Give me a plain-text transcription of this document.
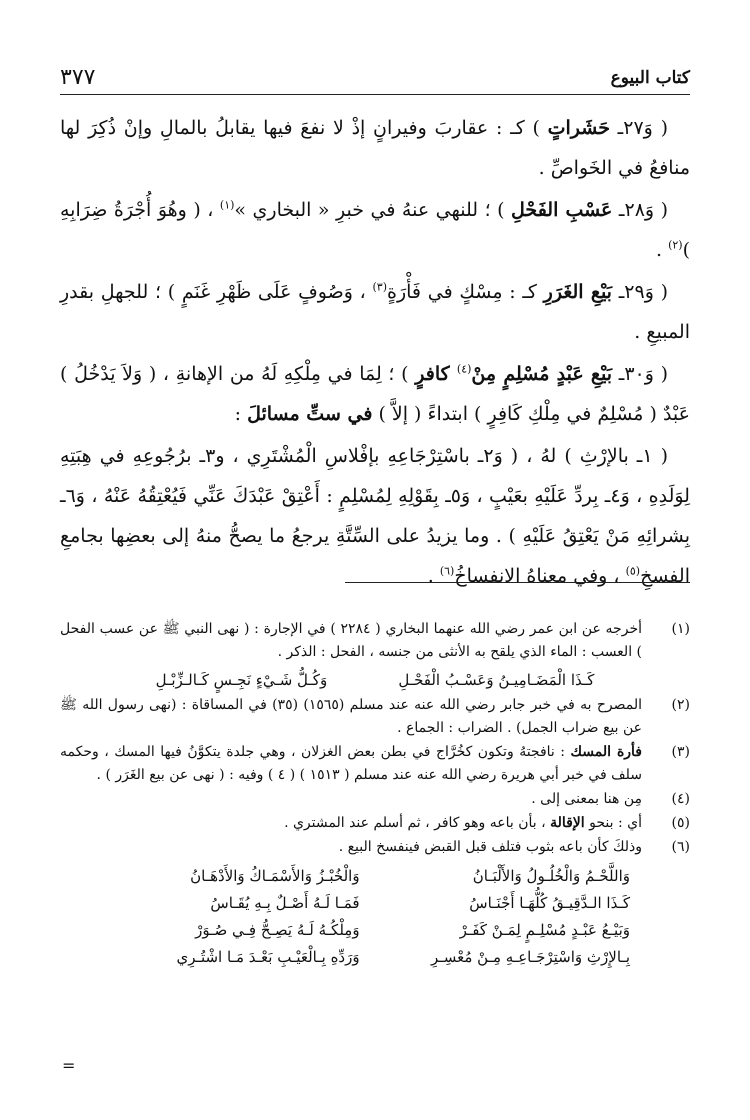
كتاب البيوع
٣٧٧

( وَ٢٧ـ حَشَراتٍ ) كـ : عقاربَ وفيرانٍ إذْ لا نفعَ فيها يقابلُ بالمالِ وإنْ ذُكِرَ لها منافعُ في الخَواصِّ .

( وَ٢٨ـ عَسْبِ الفَحْلِ ) ؛ للنهي عنهُ في خبرِ « البخاري »$^{(١)}$ ، ( وهُوَ أُجْرَةُ ضِرَابِهِ )$^{(٢)}$ .

( وَ٢٩ـ بَيْعِ الغَرَرِ كـ : مِسْكٍ في فَأْرَةٍ$^{(٣)}$ ، وَصُوفٍ عَلَى ظَهْرِ غَنَمٍ ) ؛ للجهلِ بقدرِ المبيعِ .

( وَ٣٠ـ بَيْعِ عَبْدٍ مُسْلِمٍ مِنْ$^{(٤)}$ كافرٍ ) ؛ لِمَا في مِلْكِهِ لَهُ من الإهانةِ ، ( وَلاَ يَدْخُلُ ) عَبْدٌ ( مُسْلِمٌ في مِلْكِ كَافِرٍ ) ابتداءً ( إلاَّ ) في ستِّ مسائلَ :

( ١ـ بالإرْثِ ) لهُ ، ( وَ٢ـ باسْتِرْجَاعِهِ بإفْلاسِ الْمُشْتَرِي ، و٣ـ برُجُوعِهِ في هِبَتِهِ لِوَلَدِهِ ، وَ٤ـ بِردِّ عَلَيْهِ بعَيْبٍ ، وَ٥ـ بِقَوْلِهِ لِمُسْلِمٍ : أَعْتِقْ عَبْدَكَ عَنِّي فَيُعْتِقُهُ عَنْهُ ، وَ٦ـ بِشرائِهِ مَنْ يَعْتِقُ عَلَيْهِ ) . وما يزيدُ على السِّتَّةِ يرجعُ ما يصحُّ منهُ إلى بعضِها بجامعِ الفسخِ$^{(٥)}$ ، وفي معناهُ الانفساخُ$^{(٦)}$ .

(١)
أخرجه عن ابن عمر رضي الله عنهما البخاري ( ٢٢٨٤ ) في الإجارة : ( نهى النبي ﷺ عن عسب الفحل ) العسب : الماء الذي يلقح به الأنثى من جنسه ، الفحل : الذكر .
كَـذَا الْمَضَـامِيـنُ وَعَسْـبُ الْفَحْـلِ
وَكُـلُّ شَـيْءٍ نَجِـسٍ كَـالـزِّبْـلِ
(٢)
المصرح به في خبر جابر رضي الله عنه عند مسلم (١٥٦٥) (٣٥) في المساقاة : (نهى رسول الله ﷺ عن بيع ضراب الجمل) . الضراب : الجماع .
(٣)
فأرة المسك : نافجتهُ وتكون كخُرَّاج في بطن بعض الغزلان ، وهي جلدة يتكوَّنُ فيها المسك ، وحكمه سلف في خبر أبي هريرة رضي الله عنه عند مسلم ( ١٥١٣ ) ( ٤ ) وفيه : ( نهى عن بيع الغَرَر ) .
(٤)
مِن هنا بمعنى إلى .
(٥)
أي : بنحو الإقالة ، بأن باعه وهو كافر ، ثم أسلم عند المشتري .
(٦)
وذلكَ كأن باعه بثوب فتلف قبل القبض فينفسخ البيع .
وَاللَّحْـمُ وَالْخُلُـولُ وَالأَلْبَـانُ
وَالْخُبْـزُ وَالأَسْمَـاكُ وَالأَدْهَـانُ
كَـذَا الـدَّقِيـقُ كُلُّهَـا أَجْنَـاسُ
فَمَـا لَـهُ أَصْـلٌ بِـهِ يُقَـاسُ
وَبَيْـعُ عَبْـدٍ مُسْلِـمٍ لِمَـنْ كَفَـرْ
وَمِلْكُـهُ لَـهُ يَصِـحُّ فِـي صُـوَرْ
بِـالإِرْثِ وَاسْتِرْجَـاعِـهِ مِـنْ مُعْسِـرِ
وَرَدِّهِ بِـالْعَيْـبِ بَعْـدَ مَـا اشْتُـرِي
=
